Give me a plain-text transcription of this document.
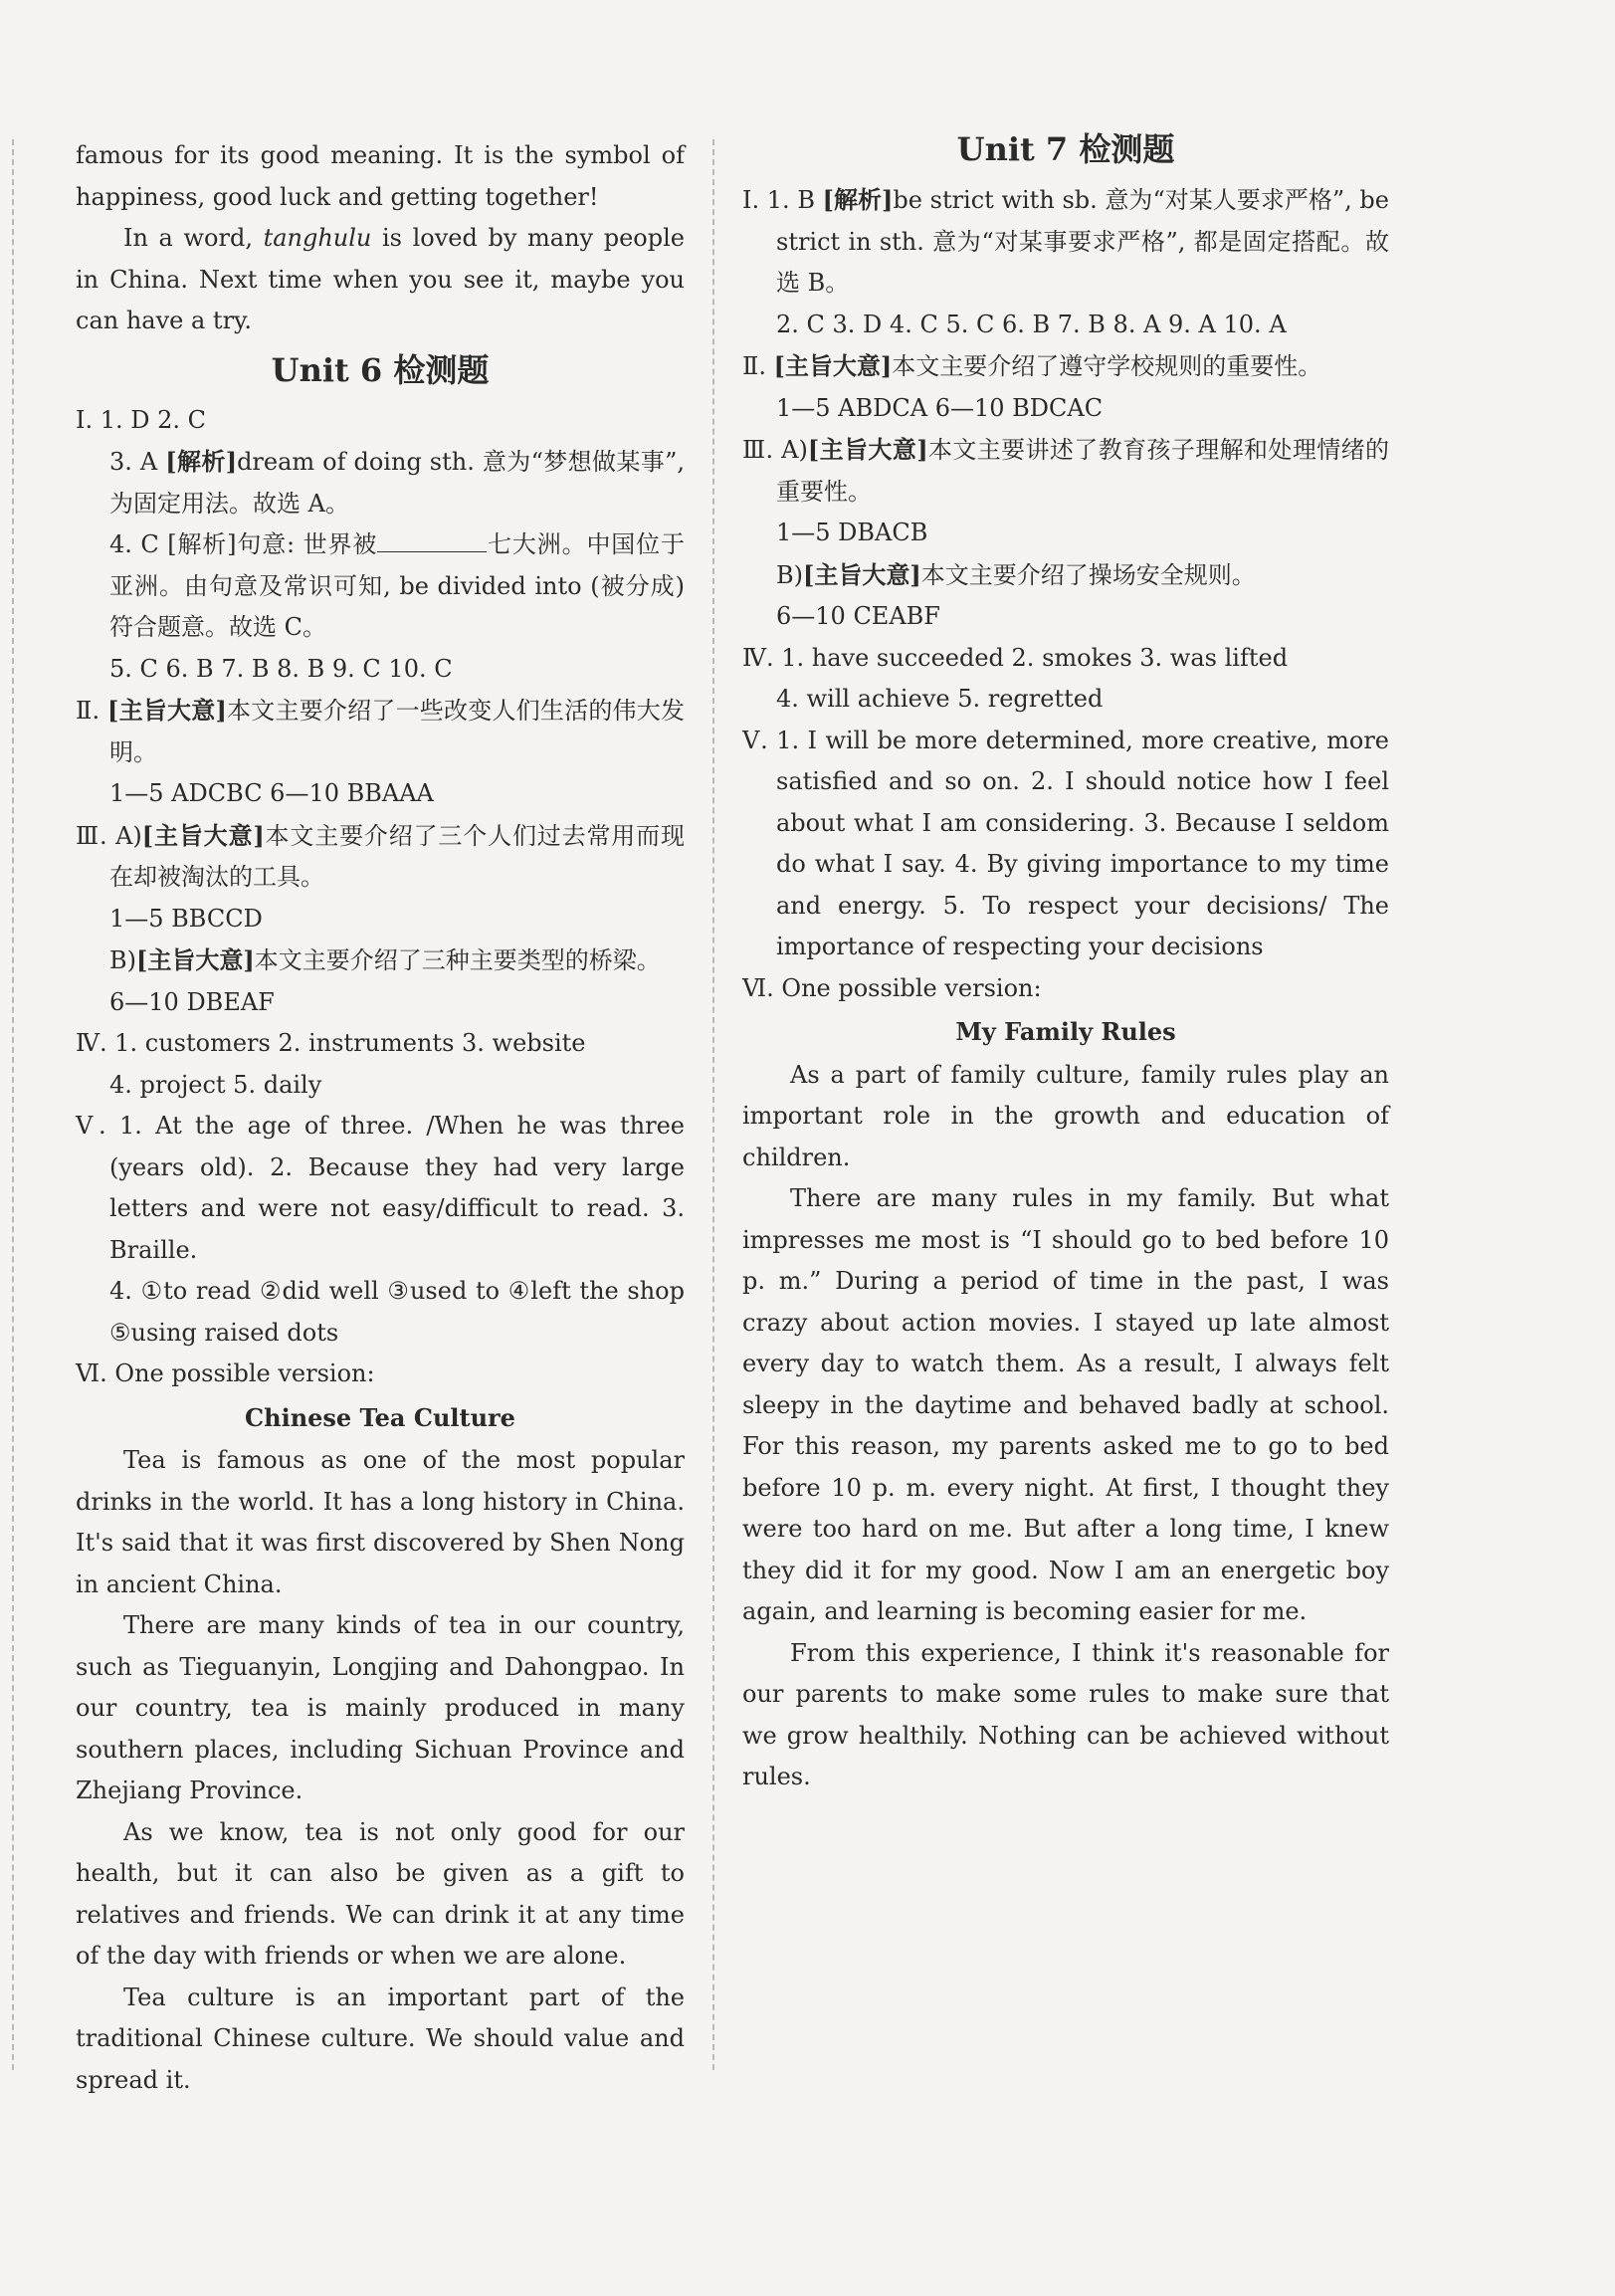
famous for its good meaning. It is the symbol of happiness, good luck and getting together!

In a word, tanghulu is loved by many people in China. Next time when you see it, maybe you can have a try.

Unit 6 检测题

Ⅰ. 1. D 2. C

3. A [解析]dream of doing sth. 意为“梦想做某事”, 为固定用法。故选 A。

4. C [解析]句意: 世界被	七大洲。中国位于亚洲。由句意及常识可知, be divided into (被分成)符合题意。故选 C。

5. C 6. B 7. B 8. B 9. C 10. C

Ⅱ. [主旨大意]本文主要介绍了一些改变人们生活的伟大发明。

1—5 ADCBC 6—10 BBAAA

Ⅲ. A)[主旨大意]本文主要介绍了三个人们过去常用而现在却被淘汰的工具。

1—5 BBCCD

B)[主旨大意]本文主要介绍了三种主要类型的桥梁。

6—10 DBEAF

Ⅳ. 1. customers 2. instruments 3. website

4. project 5. daily

Ⅴ. 1. At the age of three. /When he was three (years old). 2. Because they had very large letters and were not easy/difficult to read. 3. Braille.

4. ①to read ②did well ③used to ④left the shop ⑤using raised dots

Ⅵ. One possible version:

Chinese Tea Culture

Tea is famous as one of the most popular drinks in the world. It has a long history in China. It's said that it was first discovered by Shen Nong in ancient China.

There are many kinds of tea in our country, such as Tieguanyin, Longjing and Dahongpao. In our country, tea is mainly produced in many southern places, including Sichuan Province and Zhejiang Province.

As we know, tea is not only good for our health, but it can also be given as a gift to relatives and friends. We can drink it at any time of the day with friends or when we are alone.

Tea culture is an important part of the traditional Chinese culture. We should value and spread it.

Unit 7 检测题

Ⅰ. 1. B [解析]be strict with sb. 意为“对某人要求严格”, be strict in sth. 意为“对某事要求严格”, 都是固定搭配。故选 B。

2. C 3. D 4. C 5. C 6. B 7. B 8. A 9. A 10. A

Ⅱ. [主旨大意]本文主要介绍了遵守学校规则的重要性。

1—5 ABDCA 6—10 BDCAC

Ⅲ. A)[主旨大意]本文主要讲述了教育孩子理解和处理情绪的重要性。

1—5 DBACB

B)[主旨大意]本文主要介绍了操场安全规则。

6—10 CEABF

Ⅳ. 1. have succeeded 2. smokes 3. was lifted

4. will achieve 5. regretted

Ⅴ. 1. I will be more determined, more creative, more satisfied and so on. 2. I should notice how I feel about what I am considering. 3. Because I seldom do what I say. 4. By giving importance to my time and energy. 5. To respect your decisions/ The importance of respecting your decisions

Ⅵ. One possible version:

My Family Rules

As a part of family culture, family rules play an important role in the growth and education of children.

There are many rules in my family. But what impresses me most is “I should go to bed before 10 p. m.” During a period of time in the past, I was crazy about action movies. I stayed up late almost every day to watch them. As a result, I always felt sleepy in the daytime and behaved badly at school. For this reason, my parents asked me to go to bed before 10 p. m. every night. At first, I thought they were too hard on me. But after a long time, I knew they did it for my good. Now I am an energetic boy again, and learning is becoming easier for me.

From this experience, I think it's reasonable for our parents to make some rules to make sure that we grow healthily. Nothing can be achieved without rules.
